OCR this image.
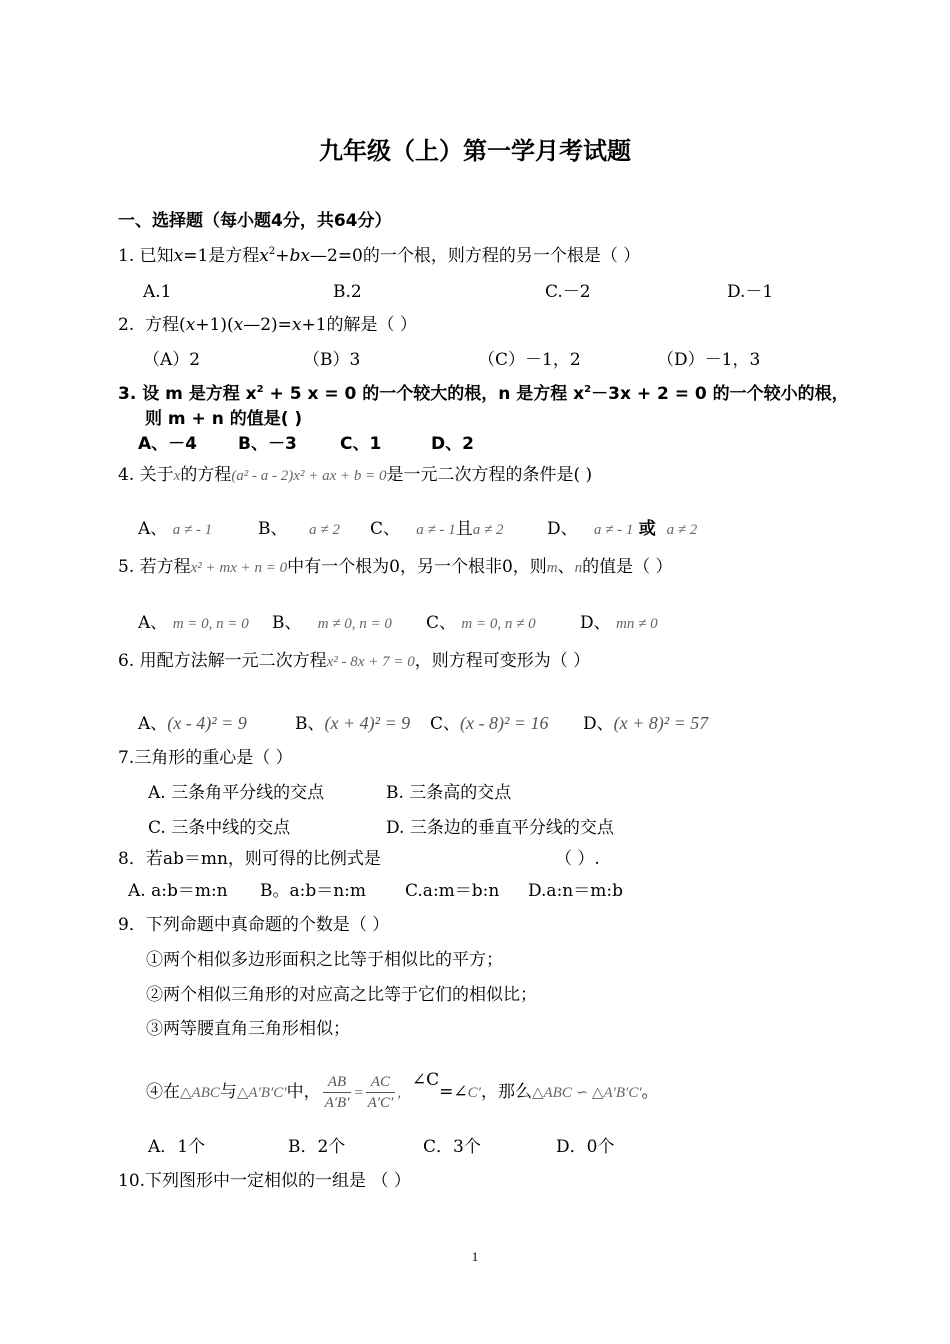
九年级（上）第一学月考试题
一、选择题（每小题4分，共64分）
1. 已知x=1是方程$x^2+bx—2=0$的一个根，则方程的另一个根是（ ）
A.1	B.2	C.－2	D.－1
2. 方程(x+1)(x—2)=x+1的解是（ ）
（A）2	（B）3	（C）－1，2	（D）－1，3
3. 设 m 是方程 $x^2 + 5$ x = 0 的一个较大的根，n 是方程 $x^2-3x + 2 = 0$ 的一个较小的根，
则 m + n 的值是( )
A、－4 B、－3	C、1	D、2
4. 关于x的方程(a² - a - 2)x² + ax + b = 0是一元二次方程的条件是( )
A、 a ≠ - 1	B、 a ≠ 2 C、 a ≠ - 1且a ≠ 2	D、 a ≠ - 1 或 a ≠ 2
5. 若方程x² + mx + n = 0中有一个根为0，另一个根非0，则m、n的值是（ ）
A、 m = 0, n = 0 B、 m ≠ 0, n = 0 C、 m = 0, n ≠ 0	D、 mn ≠ 0
6. 用配方法解一元二次方程x² - 8x + 7 = 0，则方程可变形为（ ）
A、(x - 4)² = 9	B、(x + 4)² = 9 C、(x - 8)² = 16 D、(x + 8)² = 57
7.三角形的重心是（ ）
A. 三条角平分线的交点	B. 三条高的交点
C. 三条中线的交点	D. 三条边的垂直平分线的交点
8．若ab＝mn，则可得的比例式是	（ ）.
A. a:b＝m:n B。a:b＝n:m C.a:m＝b:n D.a:n＝m:b
9．下列命题中真命题的个数是（ ）
①两个相似多边形面积之比等于相似比的平方；
②两个相似三角形的对应高之比等于它们的相似比；
③两等腰直角三角形相似；
④在△ABC与△A′B′C′中， $\frac{AB}{A'B'} = \frac{AC}{A'C'}$ ,  ∠C=∠C′，那么△ABC ∽ △A′B′C′。
A．1个	B．2个	C．3个	D．0个
10.下列图形中一定相似的一组是 （ ）
1
